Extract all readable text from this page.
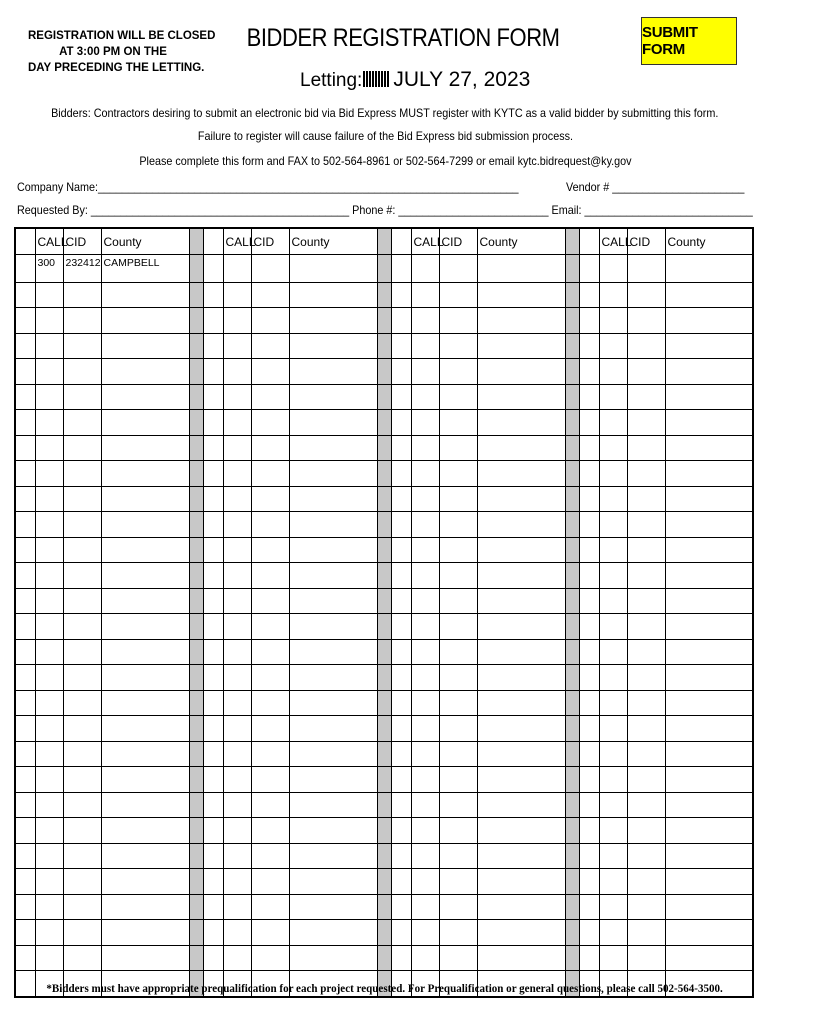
REGISTRATION WILL BE CLOSED
AT 3:00 PM ON THE
DAY PRECEDING THE LETTING.
BIDDER REGISTRATION FORM	SUBMIT FORM
Letting: JULY 27, 2023
Bidders: Contractors desiring to submit an electronic bid via Bid Express MUST register with KYTC as a valid bidder by submitting this form.
Failure to register will cause failure of the Bid Express bid submission process.
Please complete this form and FAX to 502-564-8961 or 502-564-7299 or email kytc.bidrequest@ky.gov
Company Name:______________________________________________________________________	Vendor # ______________________
Requested By: ___________________________________________ Phone #: _________________________ Email: ____________________________
	CALL	CID	County			CALL	CID	County			CALL	CID	County			CALL	CID	County
	300	232412	CAMPBELL															

*Bidders must have appropriate prequalification for each project requested. For Prequalification or general questions, please call 502-564-3500.
